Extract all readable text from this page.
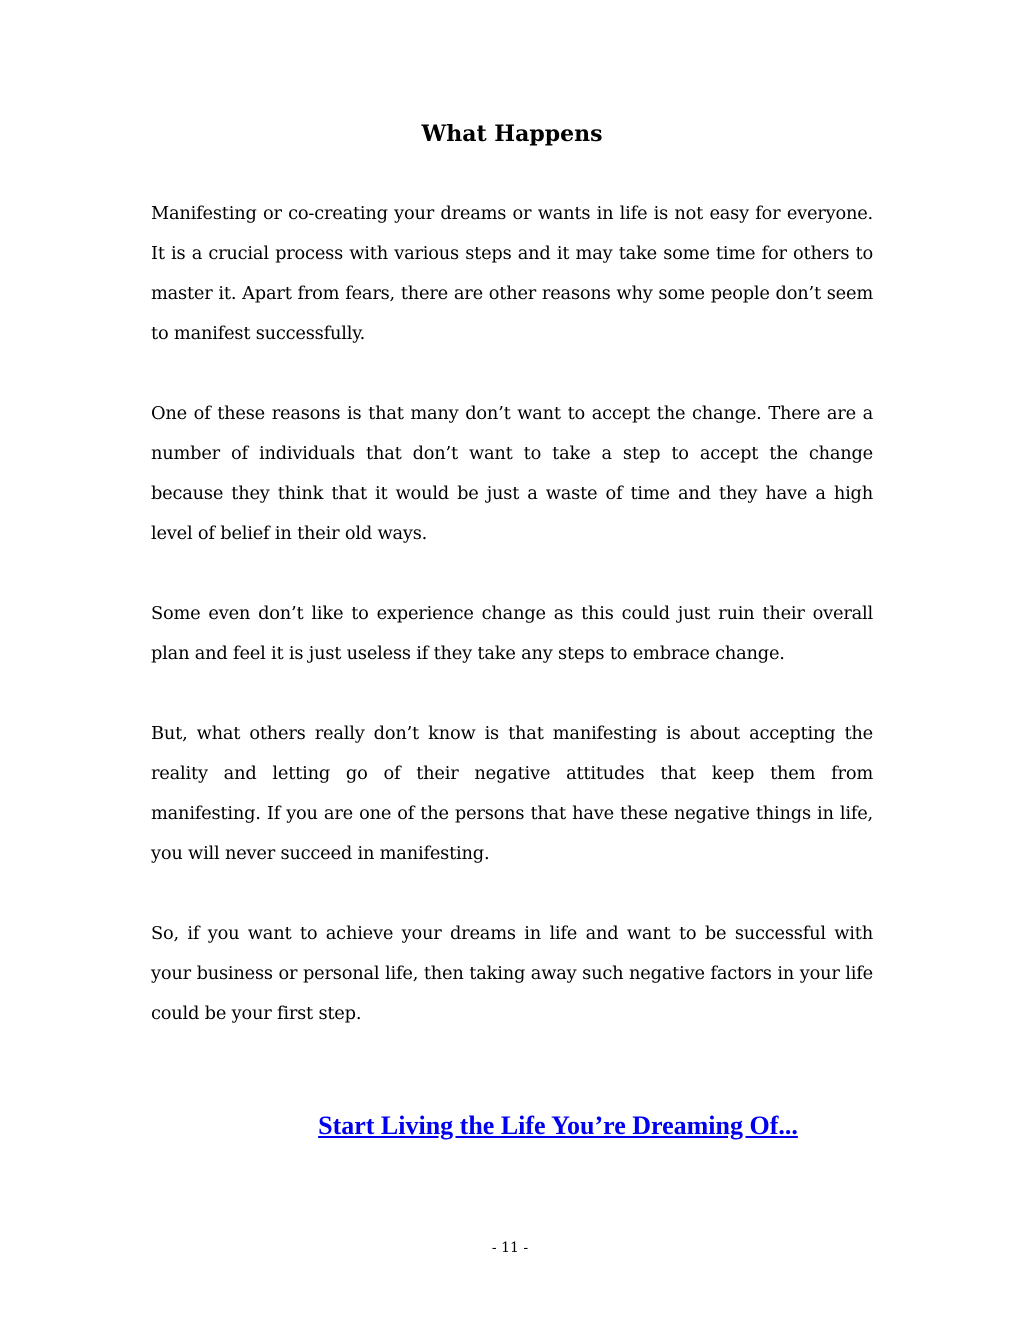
What Happens

Manifesting or co-creating your dreams or wants in life is not easy for everyone. It is a crucial process with various steps and it may take some time for others to master it. Apart from fears, there are other reasons why some people don’t seem to manifest successfully.

One of these reasons is that many don’t want to accept the change. There are a number of individuals that don’t want to take a step to accept the change because they think that it would be just a waste of time and they have a high level of belief in their old ways.

Some even don’t like to experience change as this could just ruin their overall plan and feel it is just useless if they take any steps to embrace change.

But, what others really don’t know is that manifesting is about accepting the reality and letting go of their negative attitudes that keep them from manifesting. If you are one of the persons that have these negative things in life, you will never succeed in manifesting.

So, if you want to achieve your dreams in life and want to be successful with your business or personal life, then taking away such negative factors in your life could be your first step.

Start Living the Life You’re Dreaming Of...
- 11 -
